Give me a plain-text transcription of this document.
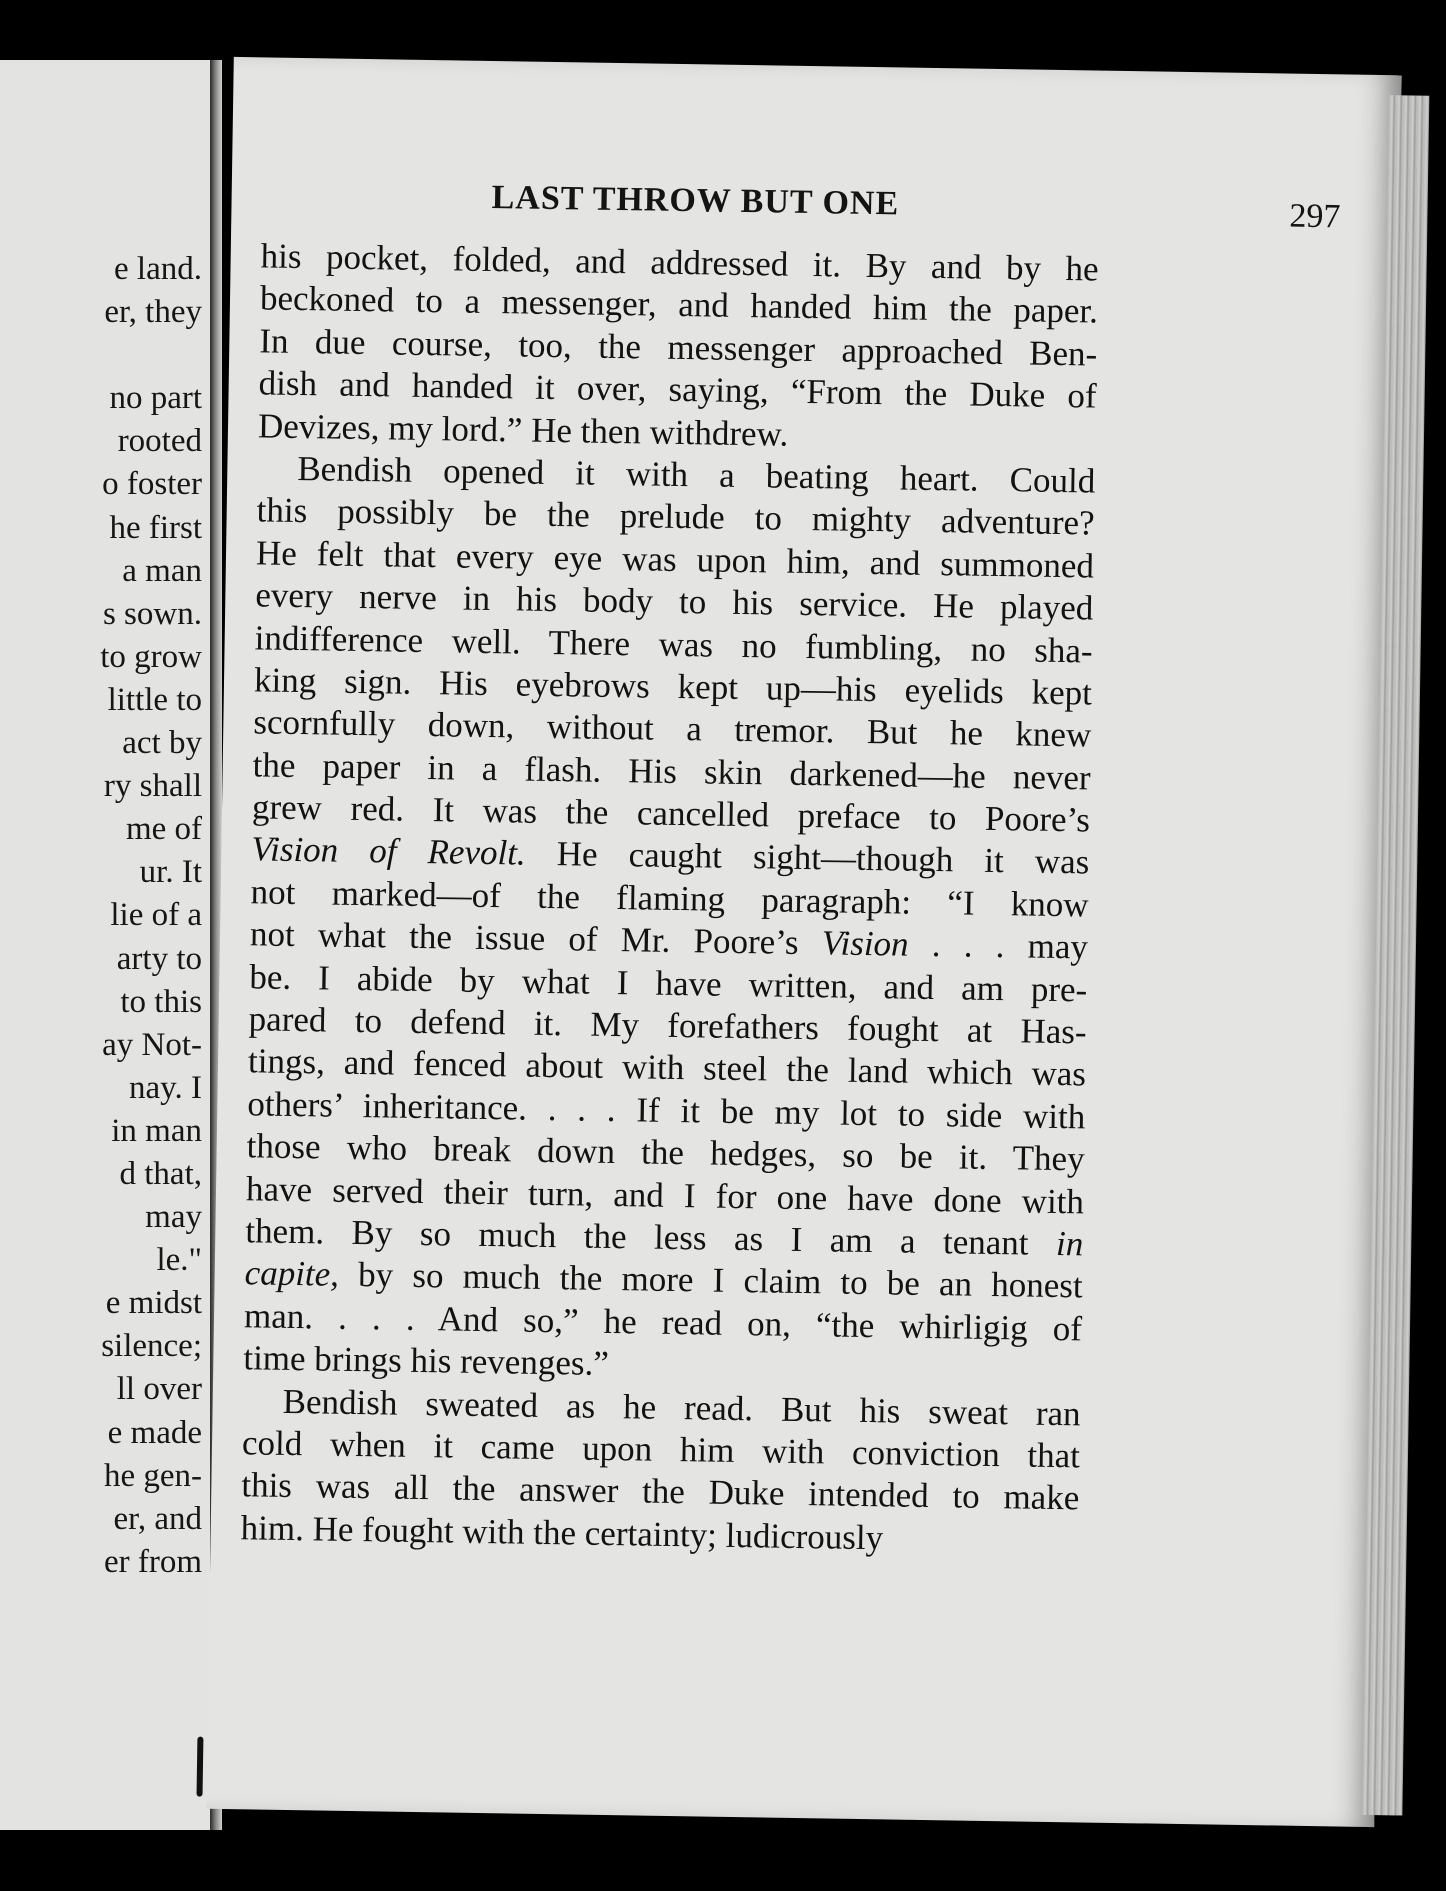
e land.
er, they
no part
rooted
o foster
he first
a man
s sown.
to grow
little to
act by
ry shall
me of
ur. It
lie of a
arty to
to this
ay Not-
nay. I
in man
d that,
may
le."
e midst
silence;
ll over
e made
he gen-
er, and
er from
LAST THROW BUT ONE	297
his pocket, folded, and addressed it. By and by he
beckoned to a messenger, and handed him the paper.
In due course, too, the messenger approached Ben-
dish and handed it over, saying, “From the Duke of
Devizes, my lord.” He then withdrew.
Bendish opened it with a beating heart. Could
this possibly be the prelude to mighty adventure?
He felt that every eye was upon him, and summoned
every nerve in his body to his service. He played
indifference well. There was no fumbling, no sha-
king sign. His eyebrows kept up—his eyelids kept
scornfully down, without a tremor. But he knew
the paper in a flash. His skin darkened—he never
grew red. It was the cancelled preface to Poore’s
Vision of Revolt. He caught sight—though it was
not marked—of the flaming paragraph: “I know
not what the issue of Mr. Poore’s Vision . . . may
be. I abide by what I have written, and am pre-
pared to defend it. My forefathers fought at Has-
tings, and fenced about with steel the land which was
others’ inheritance. . . . If it be my lot to side with
those who break down the hedges, so be it. They
have served their turn, and I for one have done with
them. By so much the less as I am a tenant in
capite, by so much the more I claim to be an honest
man. . . . And so,” he read on, “the whirligig of
time brings his revenges.”
Bendish sweated as he read. But his sweat ran
cold when it came upon him with conviction that
this was all the answer the Duke intended to make
him. He fought with the certainty; ludicrously
